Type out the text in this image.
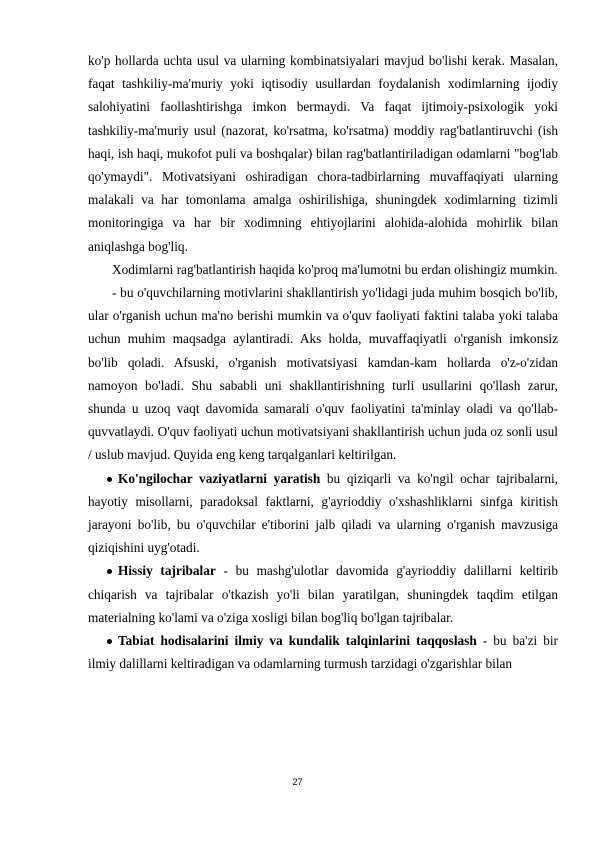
ko'p hollarda uchta usul va ularning kombinatsiyalari mavjud bo'lishi kerak. Masalan, faqat tashkiliy-ma'muriy yoki iqtisodiy usullardan foydalanish xodimlarning ijodiy salohiyatini faollashtirishga imkon bermaydi. Va faqat ijtimoiy-psixologik yoki tashkiliy-ma'muriy usul (nazorat, ko'rsatma, ko'rsatma) moddiy rag'batlantiruvchi (ish haqi, ish haqi, mukofot puli va boshqalar) bilan rag'batlantiriladigan odamlarni "bog'lab qo'ymaydi". Motivatsiyani oshiradigan chora-tadbirlarning muvaffaqiyati ularning malakali va har tomonlama amalga oshirilishiga, shuningdek xodimlarning tizimli monitoringiga va har bir xodimning ehtiyojlarini alohida-alohida mohirlik bilan aniqlashga bog'liq.

Xodimlarni rag'batlantirish haqida ko'proq ma'lumotni bu erdan olishingiz mumkin.

- bu o'quvchilarning motivlarini shakllantirish yo'lidagi juda muhim bosqich bo'lib, ular o'rganish uchun ma'no berishi mumkin va o'quv faoliyati faktini talaba yoki talaba uchun muhim maqsadga aylantiradi. Aks holda, muvaffaqiyatli o'rganish imkonsiz bo'lib qoladi. Afsuski, o'rganish motivatsiyasi kamdan-kam hollarda o'z-o'zidan namoyon bo'ladi. Shu sababli uni shakllantirishning turli usullarini qo'llash zarur, shunda u uzoq vaqt davomida samarali o'quv faoliyatini ta'minlay oladi va qo'llab-quvvatlaydi. O'quv faoliyati uchun motivatsiyani shakllantirish uchun juda oz sonli usul / uslub mavjud. Quyida eng keng tarqalganlari keltirilgan.

Ko'ngilochar vaziyatlarni yaratish bu qiziqarli va ko'ngil ochar tajribalarni, hayotiy misollarni, paradoksal faktlarni, g'ayrioddiy o'xshashliklarni sinfga kiritish jarayoni bo'lib, bu o'quvchilar e'tiborini jalb qiladi va ularning o'rganish mavzusiga qiziqishini uyg'otadi.

Hissiy tajribalar - bu mashg'ulotlar davomida g'ayrioddiy dalillarni keltirib chiqarish va tajribalar o'tkazish yo'li bilan yaratilgan, shuningdek taqdim etilgan materialning ko'lami va o'ziga xosligi bilan bog'liq bo'lgan tajribalar.

Tabiat hodisalarini ilmiy va kundalik talqinlarini taqqoslash - bu ba'zi bir ilmiy dalillarni keltiradigan va odamlarning turmush tarzidagi o'zgarishlar bilan

27
